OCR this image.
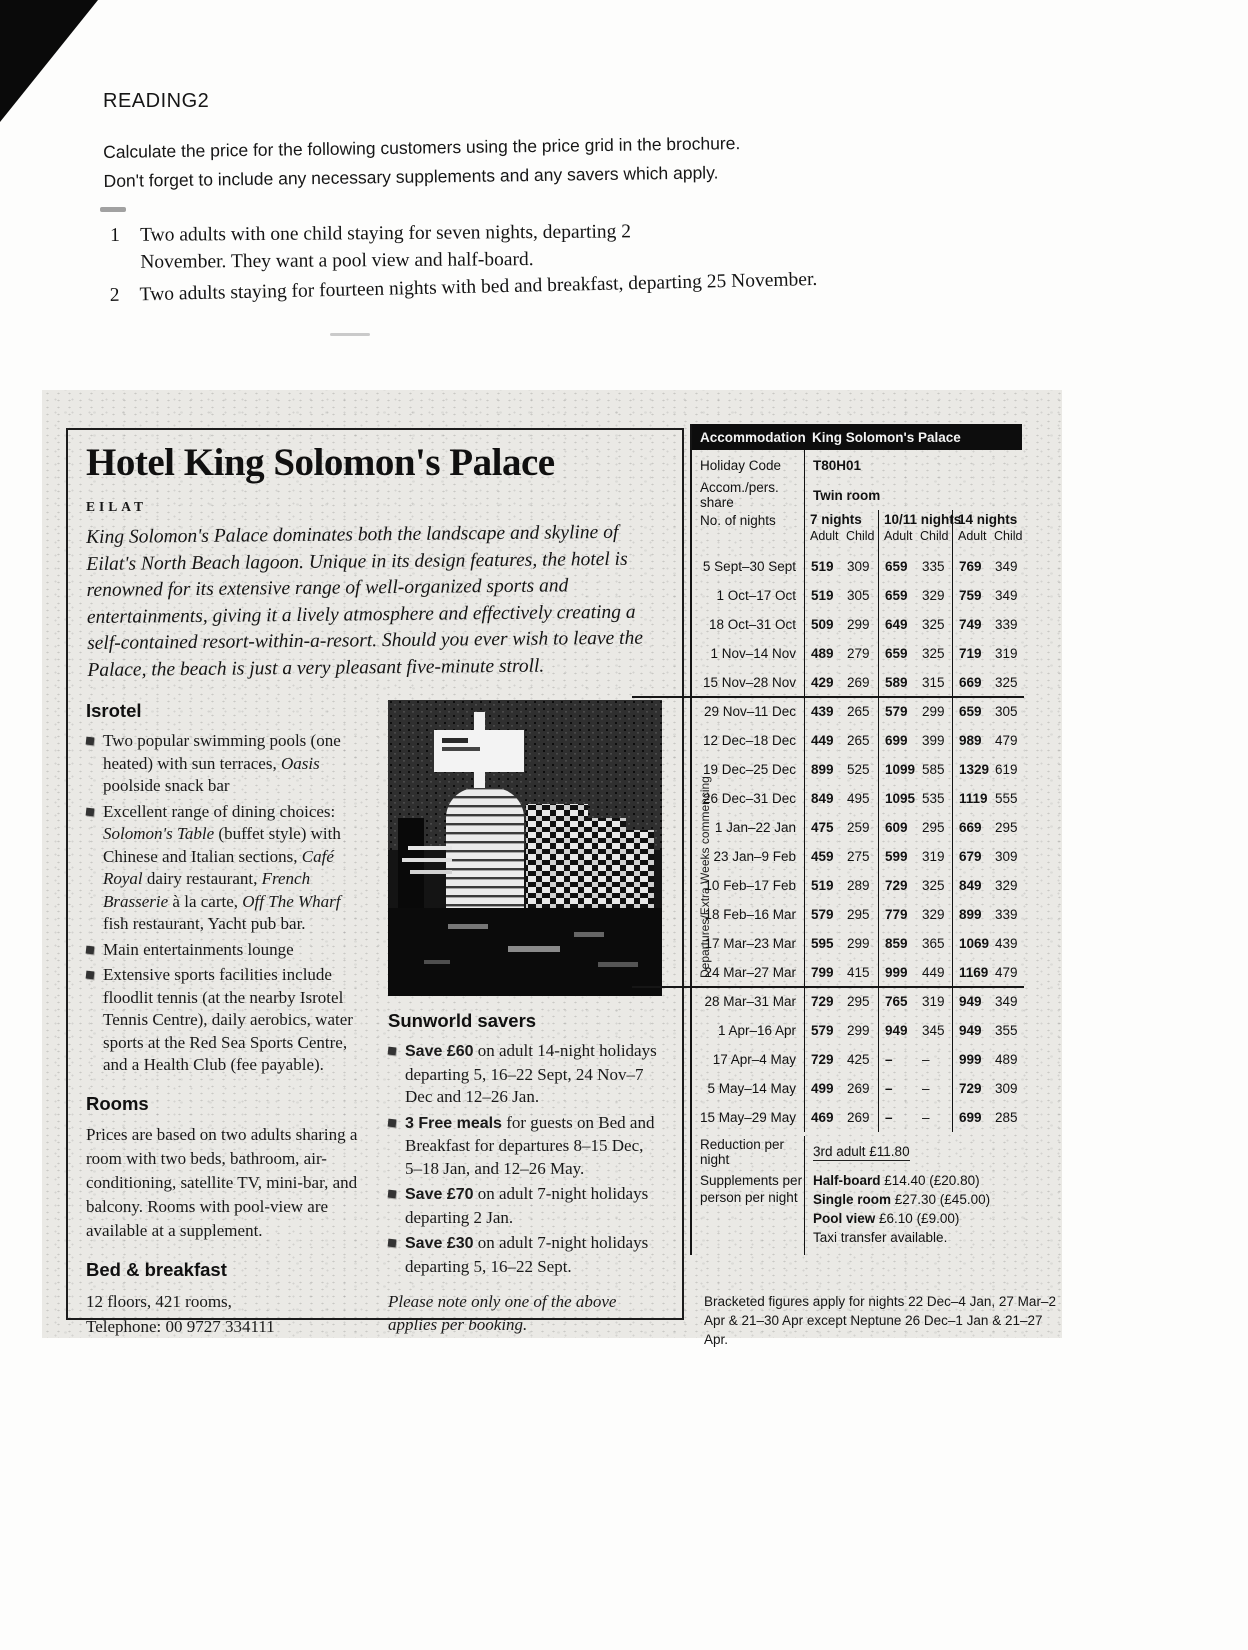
READING2
Calculate the price for the following customers using the price grid in the brochure.
Don't forget to include any necessary supplements and any savers which apply.
1	Two adults with one child staying for seven nights, departing 2 November. They want a pool view and half-board.
2	Two adults staying for fourteen nights with bed and breakfast, departing 25 November.
Hotel King Solomon's Palace
EILAT
King Solomon's Palace dominates both the landscape and skyline of Eilat's North Beach lagoon. Unique in its design features, the hotel is renowned for its extensive range of well-organized sports and entertainments, giving it a lively atmosphere and effectively creating a self-contained resort-within-a-resort. Should you ever wish to leave the Palace, the beach is just a very pleasant five-minute stroll.
Isrotel
Two popular swimming pools (one heated) with sun terraces, Oasis poolside snack bar
Excellent range of dining choices: Solomon's Table (buffet style) with Chinese and Italian sections, Café Royal dairy restaurant, French Brasserie à la carte, Off The Wharf fish restaurant, Yacht pub bar.
Main entertainments lounge
Extensive sports facilities include floodlit tennis (at the nearby Isrotel Tennis Centre), daily aerobics, water sports at the Red Sea Sports Centre, and a Health Club (fee payable).
Rooms

Prices are based on two adults sharing a room with two beds, bathroom, air-conditioning, satellite TV, mini-bar, and balcony. Rooms with pool-view are available at a supplement.

Bed & breakfast
12 floors, 421 rooms,
Telephone: 00 9727 334111
Sunworld savers
Save £60 on adult 14-night holidays departing 5, 16–22 Sept, 24 Nov–7 Dec and 12–26 Jan.
3 Free meals for guests on Bed and Breakfast for departures 8–15 Dec, 5–18 Jan, and 12–26 May.
Save £70 on adult 7-night holidays departing 2 Jan.
Save £30 on adult 7-night holidays departing 5, 16–22 Sept.
Please note only one of the above applies per booking.
Departures/Extra Weeks commencing
Accommodation King Solomon's Palace
Holiday Code	T80H01
Accom./pers. share	Twin room
No. of nights	7 nights
Adult Child
10/11 nights
Adult Child
14 nights
Adult Child
5 Sept–30 Sept	519 309	659	335	769 349
1 Oct–17 Oct	519 305	659	329	759 349
18 Oct–31 Oct	509 299	649	325	749 339
1 Nov–14 Nov	489 279	659	325	719 319
15 Nov–28 Nov	429 269	589	315	669 325
29 Nov–11 Dec	439 265	579	299	659 305
12 Dec–18 Dec	449 265	699	399	989 479
19 Dec–25 Dec	899 525	1099 585	1329 619
26 Dec–31 Dec	849 495	1095 535	1119 555
1 Jan–22 Jan	475 259	609	295	669 295
23 Jan–9 Feb	459 275	599	319	679 309
10 Feb–17 Feb	519 289	729	325	849 329
18 Feb–16 Mar	579 295	779	329	899 339
17 Mar–23 Mar	595 299	859	365	1069 439
24 Mar–27 Mar	799 415	999	449	1169 479
28 Mar–31 Mar	729 295	765	319	949 349
1 Apr–16 Apr	579 299	949	345	949 355
17 Apr–4 May	729 425	–	–	999 489
5 May–14 May	499 269	–	–	729 309
15 May–29 May	469 269	–	–	699 285
Reduction per night
3rd adult £11.80
Supplements per person per night
Half-board £14.40 (£20.80)
Single room £27.30 (£45.00)
Pool view £6.10 (£9.00)
Taxi transfer available.
Bracketed figures apply for nights 22 Dec–4 Jan, 27 Mar–2 Apr & 21–30 Apr except Neptune 26 Dec–1 Jan & 21–27 Apr.
